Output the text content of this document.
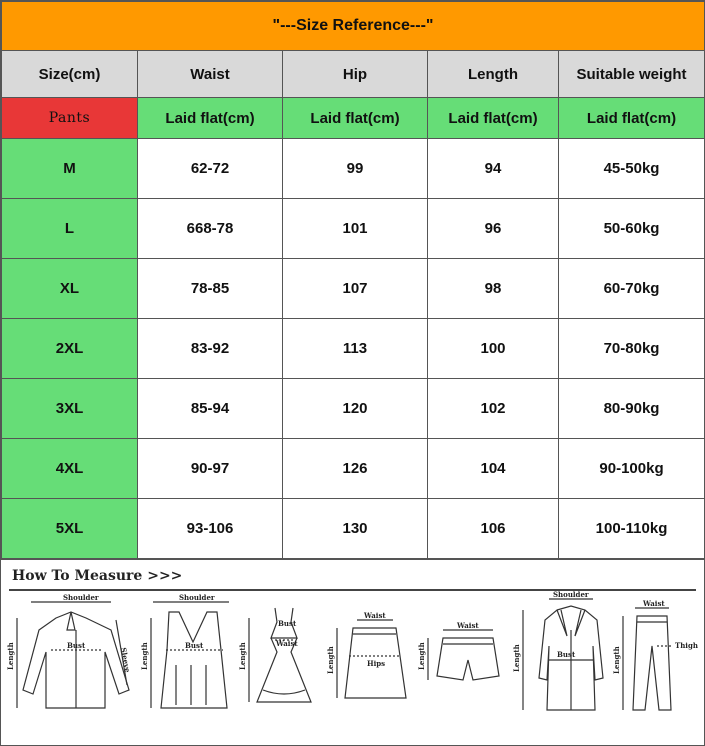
"---Size Reference---"				
Size(cm)	Waist	Hip	Length	Suitable weight
Pants	Laid flat(cm)	Laid flat(cm)	Laid flat(cm)	Laid flat(cm)
M	62-72	99	94	45-50kg
L	668-78	101	96	50-60kg
XL	78-85	107	98	60-70kg
2XL	83-92	113	100	70-80kg
3XL	85-94	120	102	80-90kg
4XL	90-97	126	104	90-100kg
5XL	93-106	130	106	100-110kg
How To Measure >>>
Shoulder
Bust
Sleeve
Length
Shoulder
Bust
Length
Bust
Waist
Length
Waist
Hips
Length
Waist
Length
Shoulder
Bust
Length
Waist
Thigh
Length
